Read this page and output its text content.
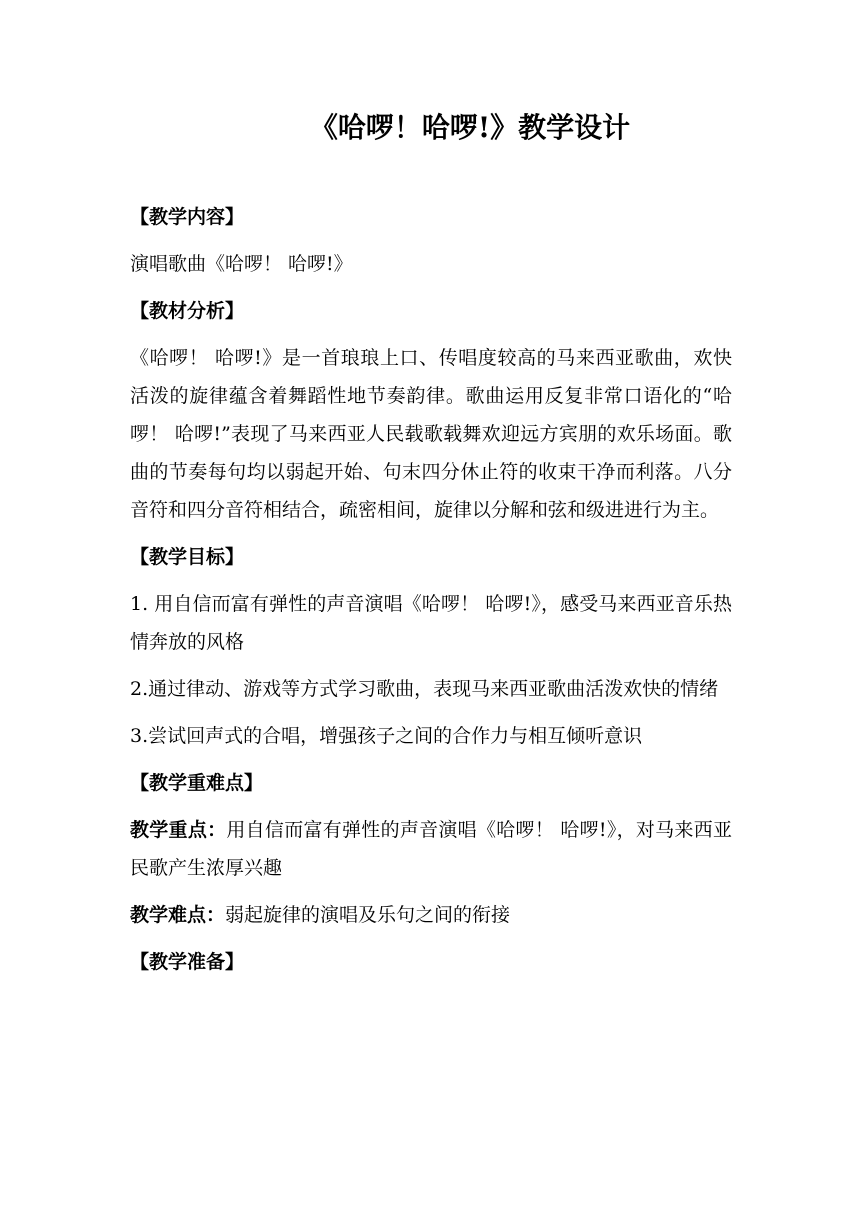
《哈啰！哈啰!》教学设计
【教学内容】
演唱歌曲《哈啰！ 哈啰!》
【教材分析】
《哈啰！ 哈啰!》是一首琅琅上口、传唱度较高的马来西亚歌曲，欢快活泼的旋律蕴含着舞蹈性地节奏韵律。歌曲运用反复非常口语化的“哈啰！ 哈啰!”表现了马来西亚人民载歌载舞欢迎远方宾朋的欢乐场面。歌曲的节奏每句均以弱起开始、句末四分休止符的收束干净而利落。八分音符和四分音符相结合，疏密相间，旋律以分解和弦和级进进行为主。
【教学目标】
1. 用自信而富有弹性的声音演唱《哈啰！ 哈啰!》，感受马来西亚音乐热情奔放的风格
2.通过律动、游戏等方式学习歌曲，表现马来西亚歌曲活泼欢快的情绪
3.尝试回声式的合唱，增强孩子之间的合作力与相互倾听意识
【教学重难点】
教学重点：用自信而富有弹性的声音演唱《哈啰！ 哈啰!》，对马来西亚民歌产生浓厚兴趣
教学难点：弱起旋律的演唱及乐句之间的衔接
【教学准备】
